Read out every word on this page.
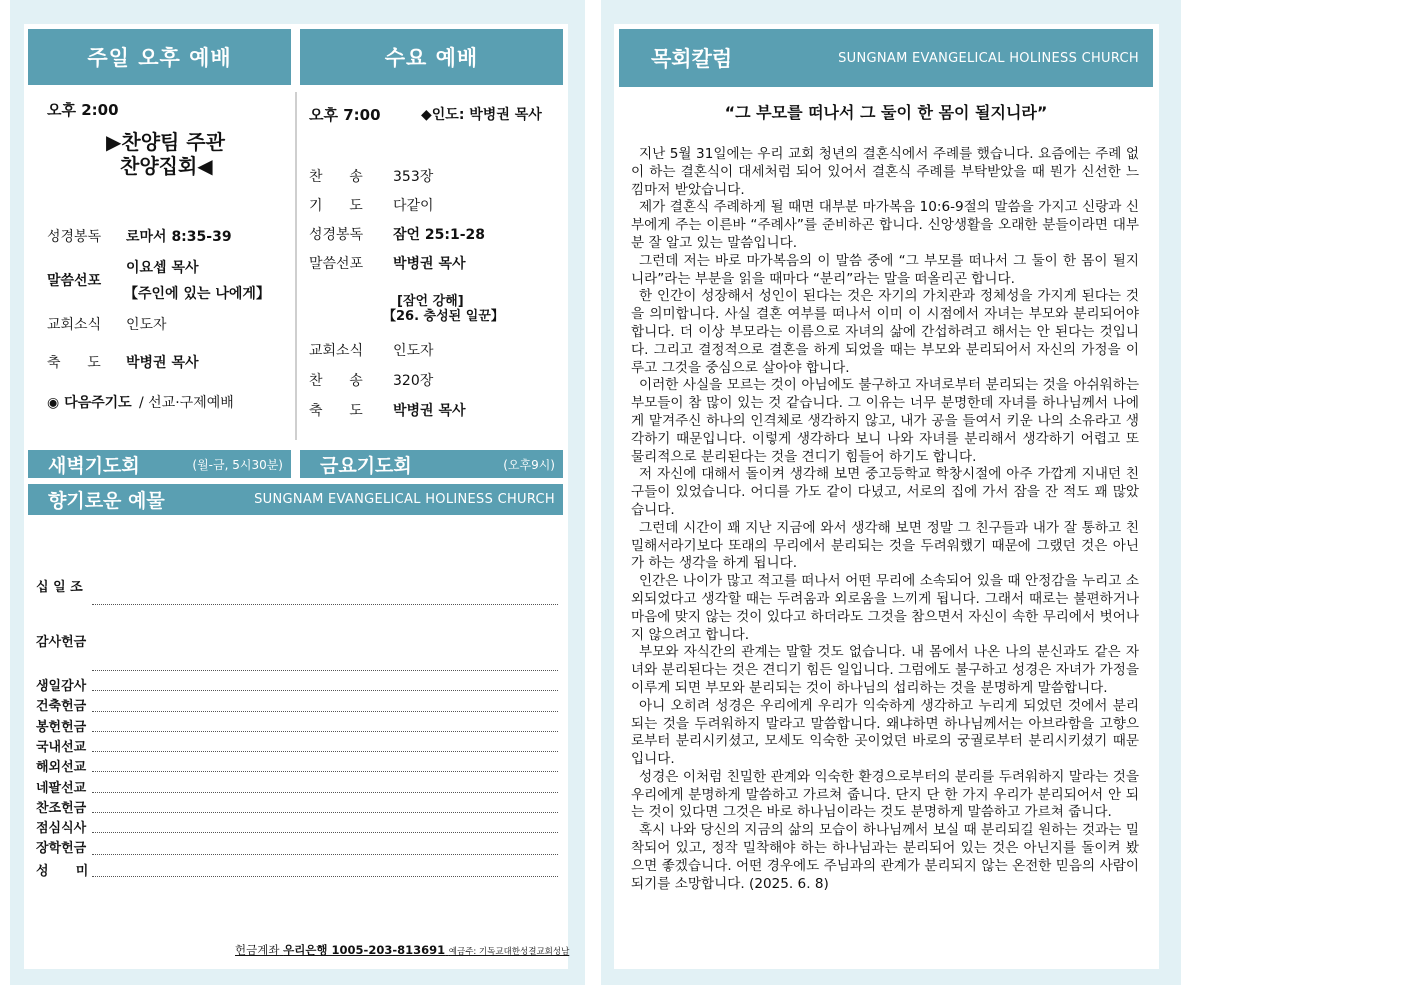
주일 오후 예배	수요 예배
오후 2:00
▶찬양팀 주관
찬양집회◀
성경봉독 로마서 8:35-39
말씀선포
이요셉 목사
【주인에 있는 나에게】
교회소식 인도자
축      도 박병권 목사
◉ 다음주기도 / 선교·구제예배
오후 7:00	◆인도: 박병권 목사
찬      송 353장
기      도 다같이
성경봉독 잠언 25:1-28
말씀선포 박병권 목사
[잠언 강해]
【26. 충성된 일꾼】
교회소식 인도자
찬      송 320장
축      도 박병권 목사
새벽기도회	(월-금, 5시30분) 금요기도회	(오후9시)
향기로운 예물	SUNGNAM EVANGELICAL HOLINESS CHURCH
십 일 조
감사헌금
생일감사
건축헌금
봉헌헌금
국내선교
해외선교
네팔선교
찬조헌금
점심식사
장학헌금
성      미
헌금계좌 우리은행 1005-203-813691 예금주: 기독교대한성결교회성남
목회칼럼	SUNGNAM EVANGELICAL HOLINESS CHURCH
“그 부모를 떠나서 그 둘이 한 몸이 될지니라”

지난 5월 31일에는 우리 교회 청년의 결혼식에서 주례를 했습니다. 요즘에는 주례 없이 하는 결혼식이 대세처럼 되어 있어서 결혼식 주례를 부탁받았을 때 뭔가 신선한 느낌마저 받았습니다.

제가 결혼식 주례하게 될 때면 대부분 마가복음 10:6-9절의 말씀을 가지고 신랑과 신부에게 주는 이른바 “주례사”를 준비하곤 합니다. 신앙생활을 오래한 분들이라면 대부분 잘 알고 있는 말씀입니다.

그런데 저는 바로 마가복음의 이 말씀 중에 “그 부모를 떠나서 그 둘이 한 몸이 될지니라”라는 부분을 읽을 때마다 “분리”라는 말을 떠올리곤 합니다.

한 인간이 성장해서 성인이 된다는 것은 자기의 가치관과 정체성을 가지게 된다는 것을 의미합니다. 사실 결혼 여부를 떠나서 이미 이 시점에서 자녀는 부모와 분리되어야 합니다. 더 이상 부모라는 이름으로 자녀의 삶에 간섭하려고 해서는 안 된다는 것입니다. 그리고 결정적으로 결혼을 하게 되었을 때는 부모와 분리되어서 자신의 가정을 이루고 그것을 중심으로 살아야 합니다.

이러한 사실을 모르는 것이 아님에도 불구하고 자녀로부터 분리되는 것을 아쉬워하는 부모들이 참 많이 있는 것 같습니다. 그 이유는 너무 분명한데 자녀를 하나님께서 나에게 맡겨주신 하나의 인격체로 생각하지 않고, 내가 공을 들여서 키운 나의 소유라고 생각하기 때문입니다. 이렇게 생각하다 보니 나와 자녀를 분리해서 생각하기 어렵고 또 물리적으로 분리된다는 것을 견디기 힘들어 하기도 합니다.

저 자신에 대해서 돌이켜 생각해 보면 중고등학교 학창시절에 아주 가깝게 지내던 친구들이 있었습니다. 어디를 가도 같이 다녔고, 서로의 집에 가서 잠을 잔 적도 꽤 많았습니다.

그런데 시간이 꽤 지난 지금에 와서 생각해 보면 정말 그 친구들과 내가 잘 통하고 친밀해서라기보다 또래의 무리에서 분리되는 것을 두려워했기 때문에 그랬던 것은 아닌가 하는 생각을 하게 됩니다.

인간은 나이가 많고 적고를 떠나서 어떤 무리에 소속되어 있을 때 안정감을 누리고 소외되었다고 생각할 때는 두려움과 외로움을 느끼게 됩니다. 그래서 때로는 불편하거나 마음에 맞지 않는 것이 있다고 하더라도 그것을 참으면서 자신이 속한 무리에서 벗어나지 않으려고 합니다.

부모와 자식간의 관계는 말할 것도 없습니다. 내 몸에서 나온 나의 분신과도 같은 자녀와 분리된다는 것은 견디기 힘든 일입니다. 그럼에도 불구하고 성경은 자녀가 가정을 이루게 되면 부모와 분리되는 것이 하나님의 섭리하는 것을 분명하게 말씀합니다.

아니 오히려 성경은 우리에게 우리가 익숙하게 생각하고 누리게 되었던 것에서 분리되는 것을 두려워하지 말라고 말씀합니다. 왜냐하면 하나님께서는 아브라함을 고향으로부터 분리시키셨고, 모세도 익숙한 곳이었던 바로의 궁궐로부터 분리시키셨기 때문입니다.

성경은 이처럼 친밀한 관계와 익숙한 환경으로부터의 분리를 두려워하지 말라는 것을 우리에게 분명하게 말씀하고 가르쳐 줍니다. 단지 단 한 가지 우리가 분리되어서 안 되는 것이 있다면 그것은 바로 하나님이라는 것도 분명하게 말씀하고 가르쳐 줍니다.

혹시 나와 당신의 지금의 삶의 모습이 하나님께서 보실 때 분리되길 원하는 것과는 밀착되어 있고, 정작 밀착해야 하는 하나님과는 분리되어 있는 것은 아닌지를 돌이켜 봤으면 좋겠습니다. 어떤 경우에도 주님과의 관계가 분리되지 않는 온전한 믿음의 사람이 되기를 소망합니다. (2025. 6. 8)
